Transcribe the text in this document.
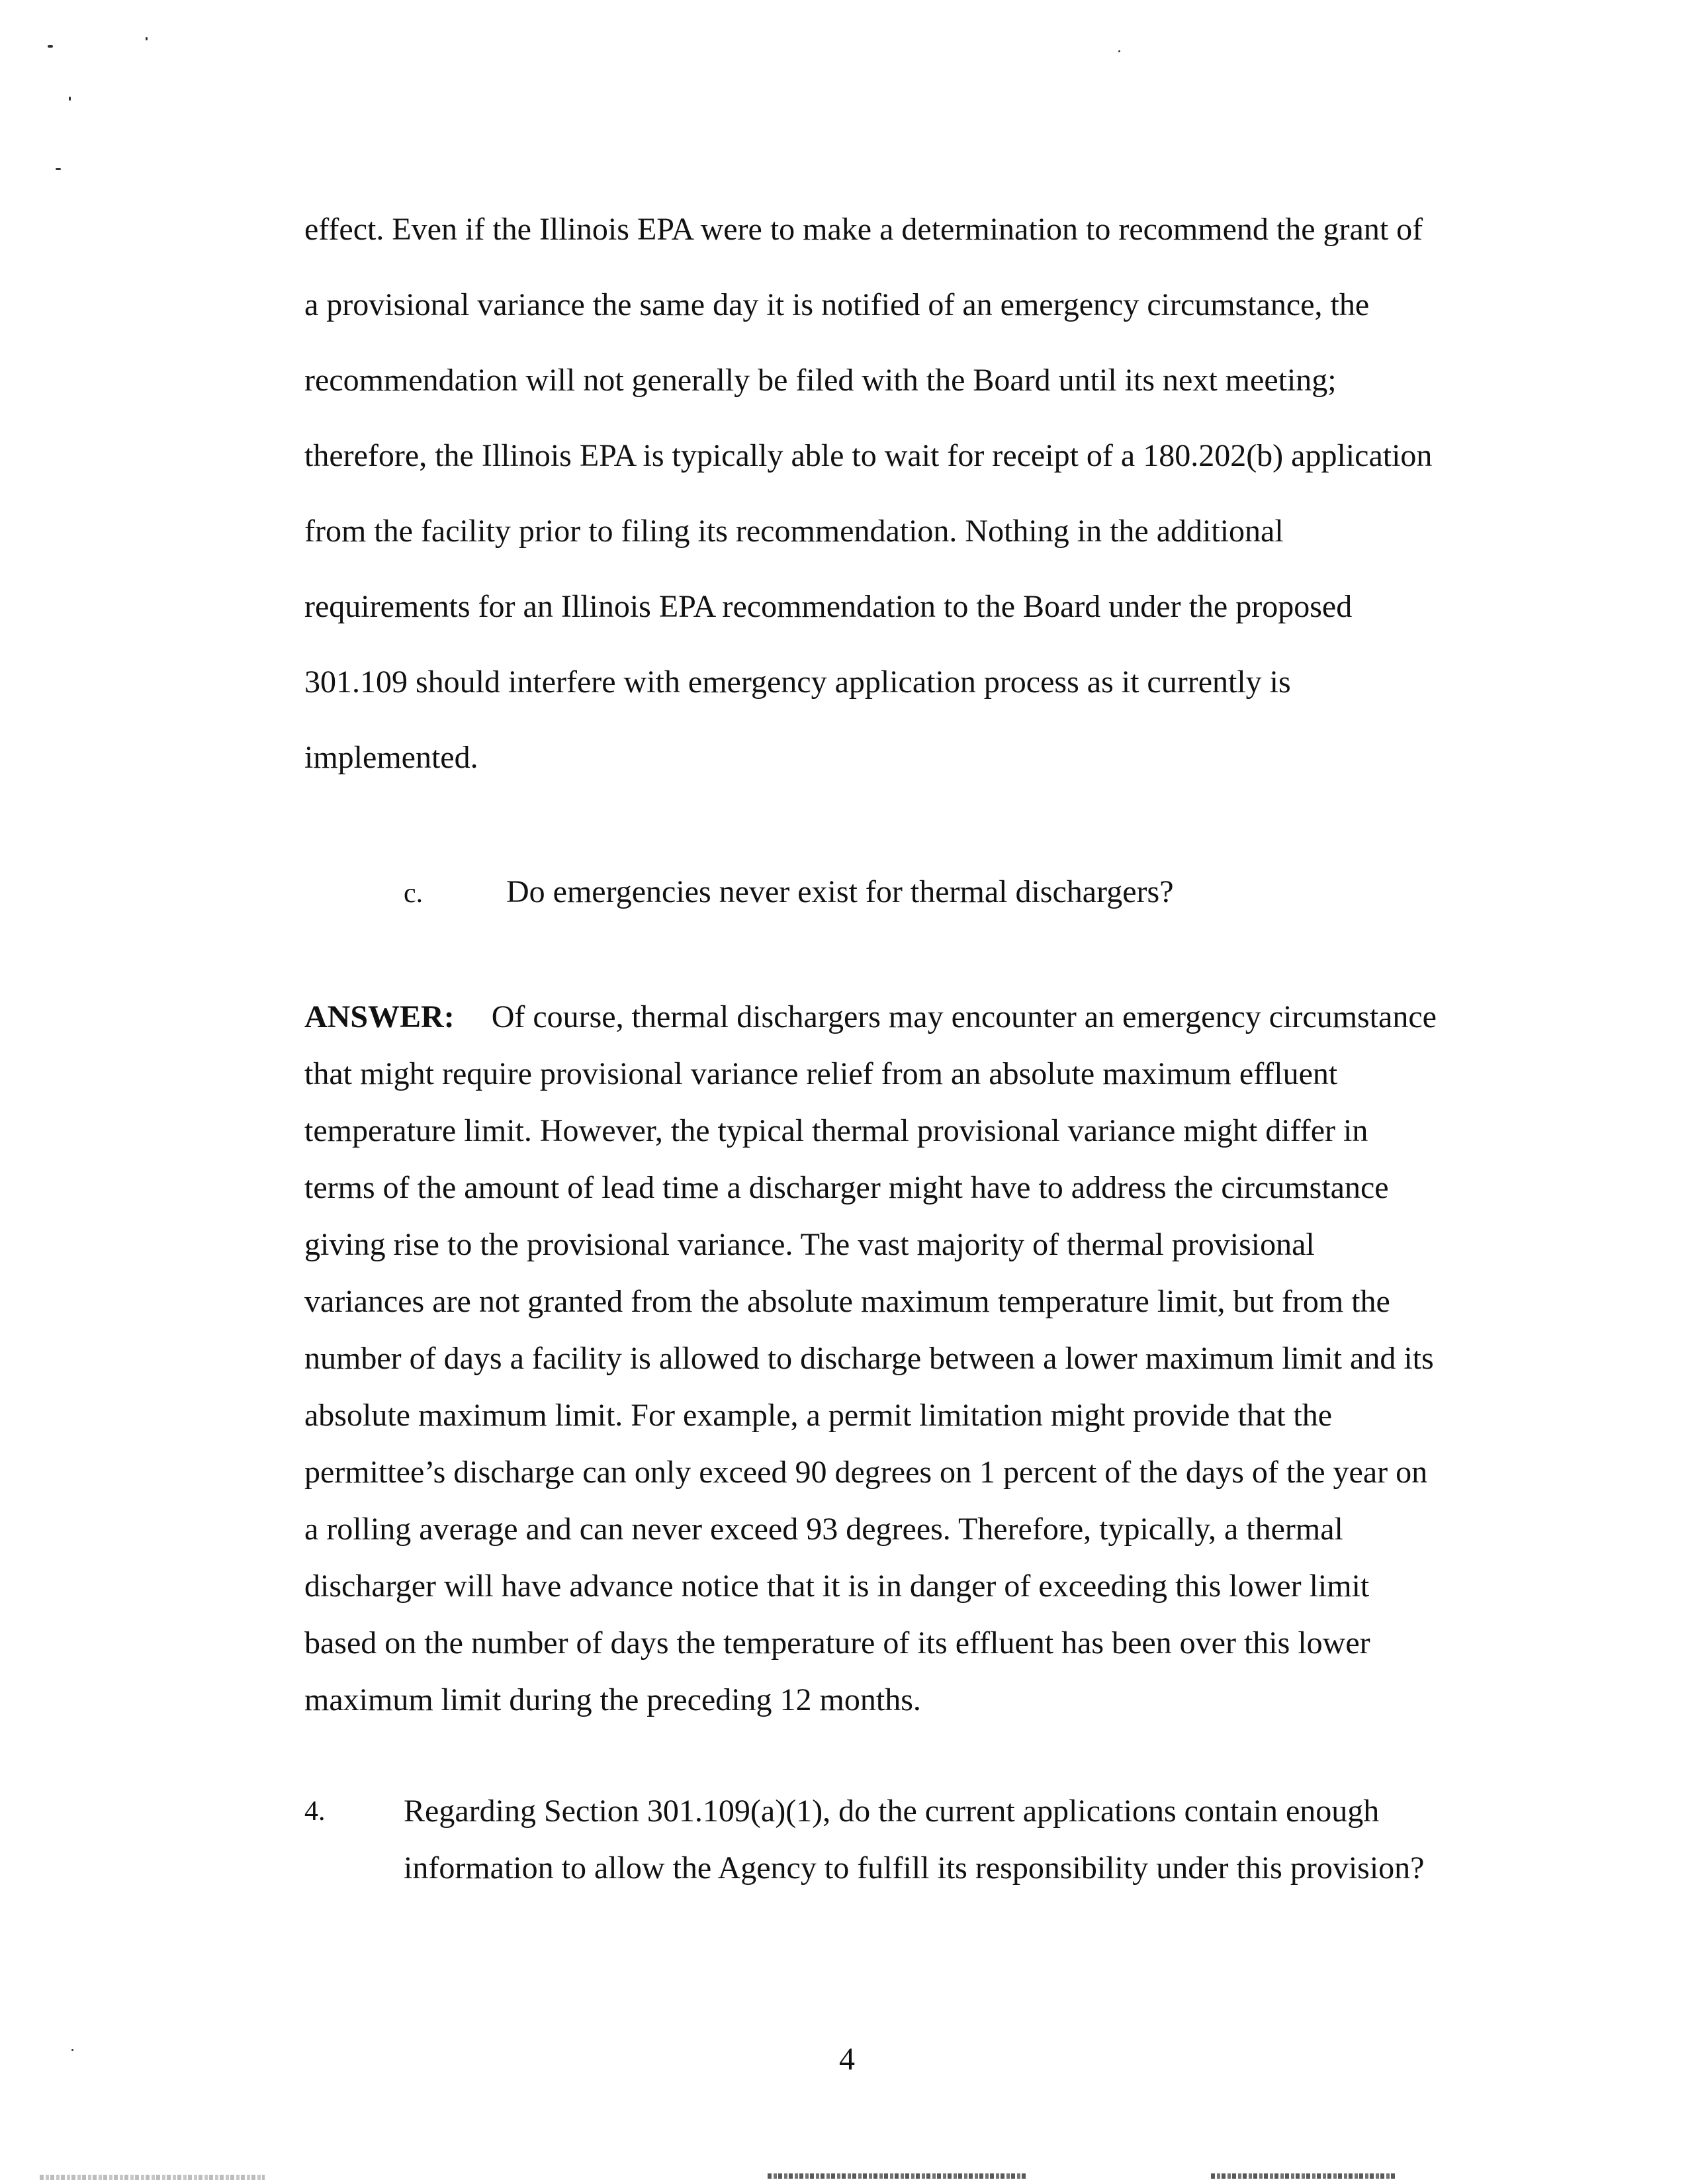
effect. Even if the Illinois EPA were to make a determination to recommend the grant of
a provisional variance the same day it is notified of an emergency circumstance, the
recommendation will not generally be filed with the Board until its next meeting;
therefore, the Illinois EPA is typically able to wait for receipt of a 180.202(b) application
from the facility prior to filing its recommendation. Nothing in the additional
requirements for an Illinois EPA recommendation to the Board under the proposed
301.109 should interfere with emergency application process as it currently is
implemented.

c.	Do emergencies never exist for thermal dischargers?

ANSWER: Of course, thermal dischargers may encounter an emergency circumstance
that might require provisional variance relief from an absolute maximum effluent
temperature limit. However, the typical thermal provisional variance might differ in
terms of the amount of lead time a discharger might have to address the circumstance
giving rise to the provisional variance. The vast majority of thermal provisional
variances are not granted from the absolute maximum temperature limit, but from the
number of days a facility is allowed to discharge between a lower maximum limit and its
absolute maximum limit. For example, a permit limitation might provide that the
permittee’s discharge can only exceed 90 degrees on 1 percent of the days of the year on
a rolling average and can never exceed 93 degrees. Therefore, typically, a thermal
discharger will have advance notice that it is in danger of exceeding this lower limit
based on the number of days the temperature of its effluent has been over this lower
maximum limit during the preceding 12 months.

4. Regarding Section 301.109(a)(1), do the current applications contain enough
information to allow the Agency to fulfill its responsibility under this provision?
4
